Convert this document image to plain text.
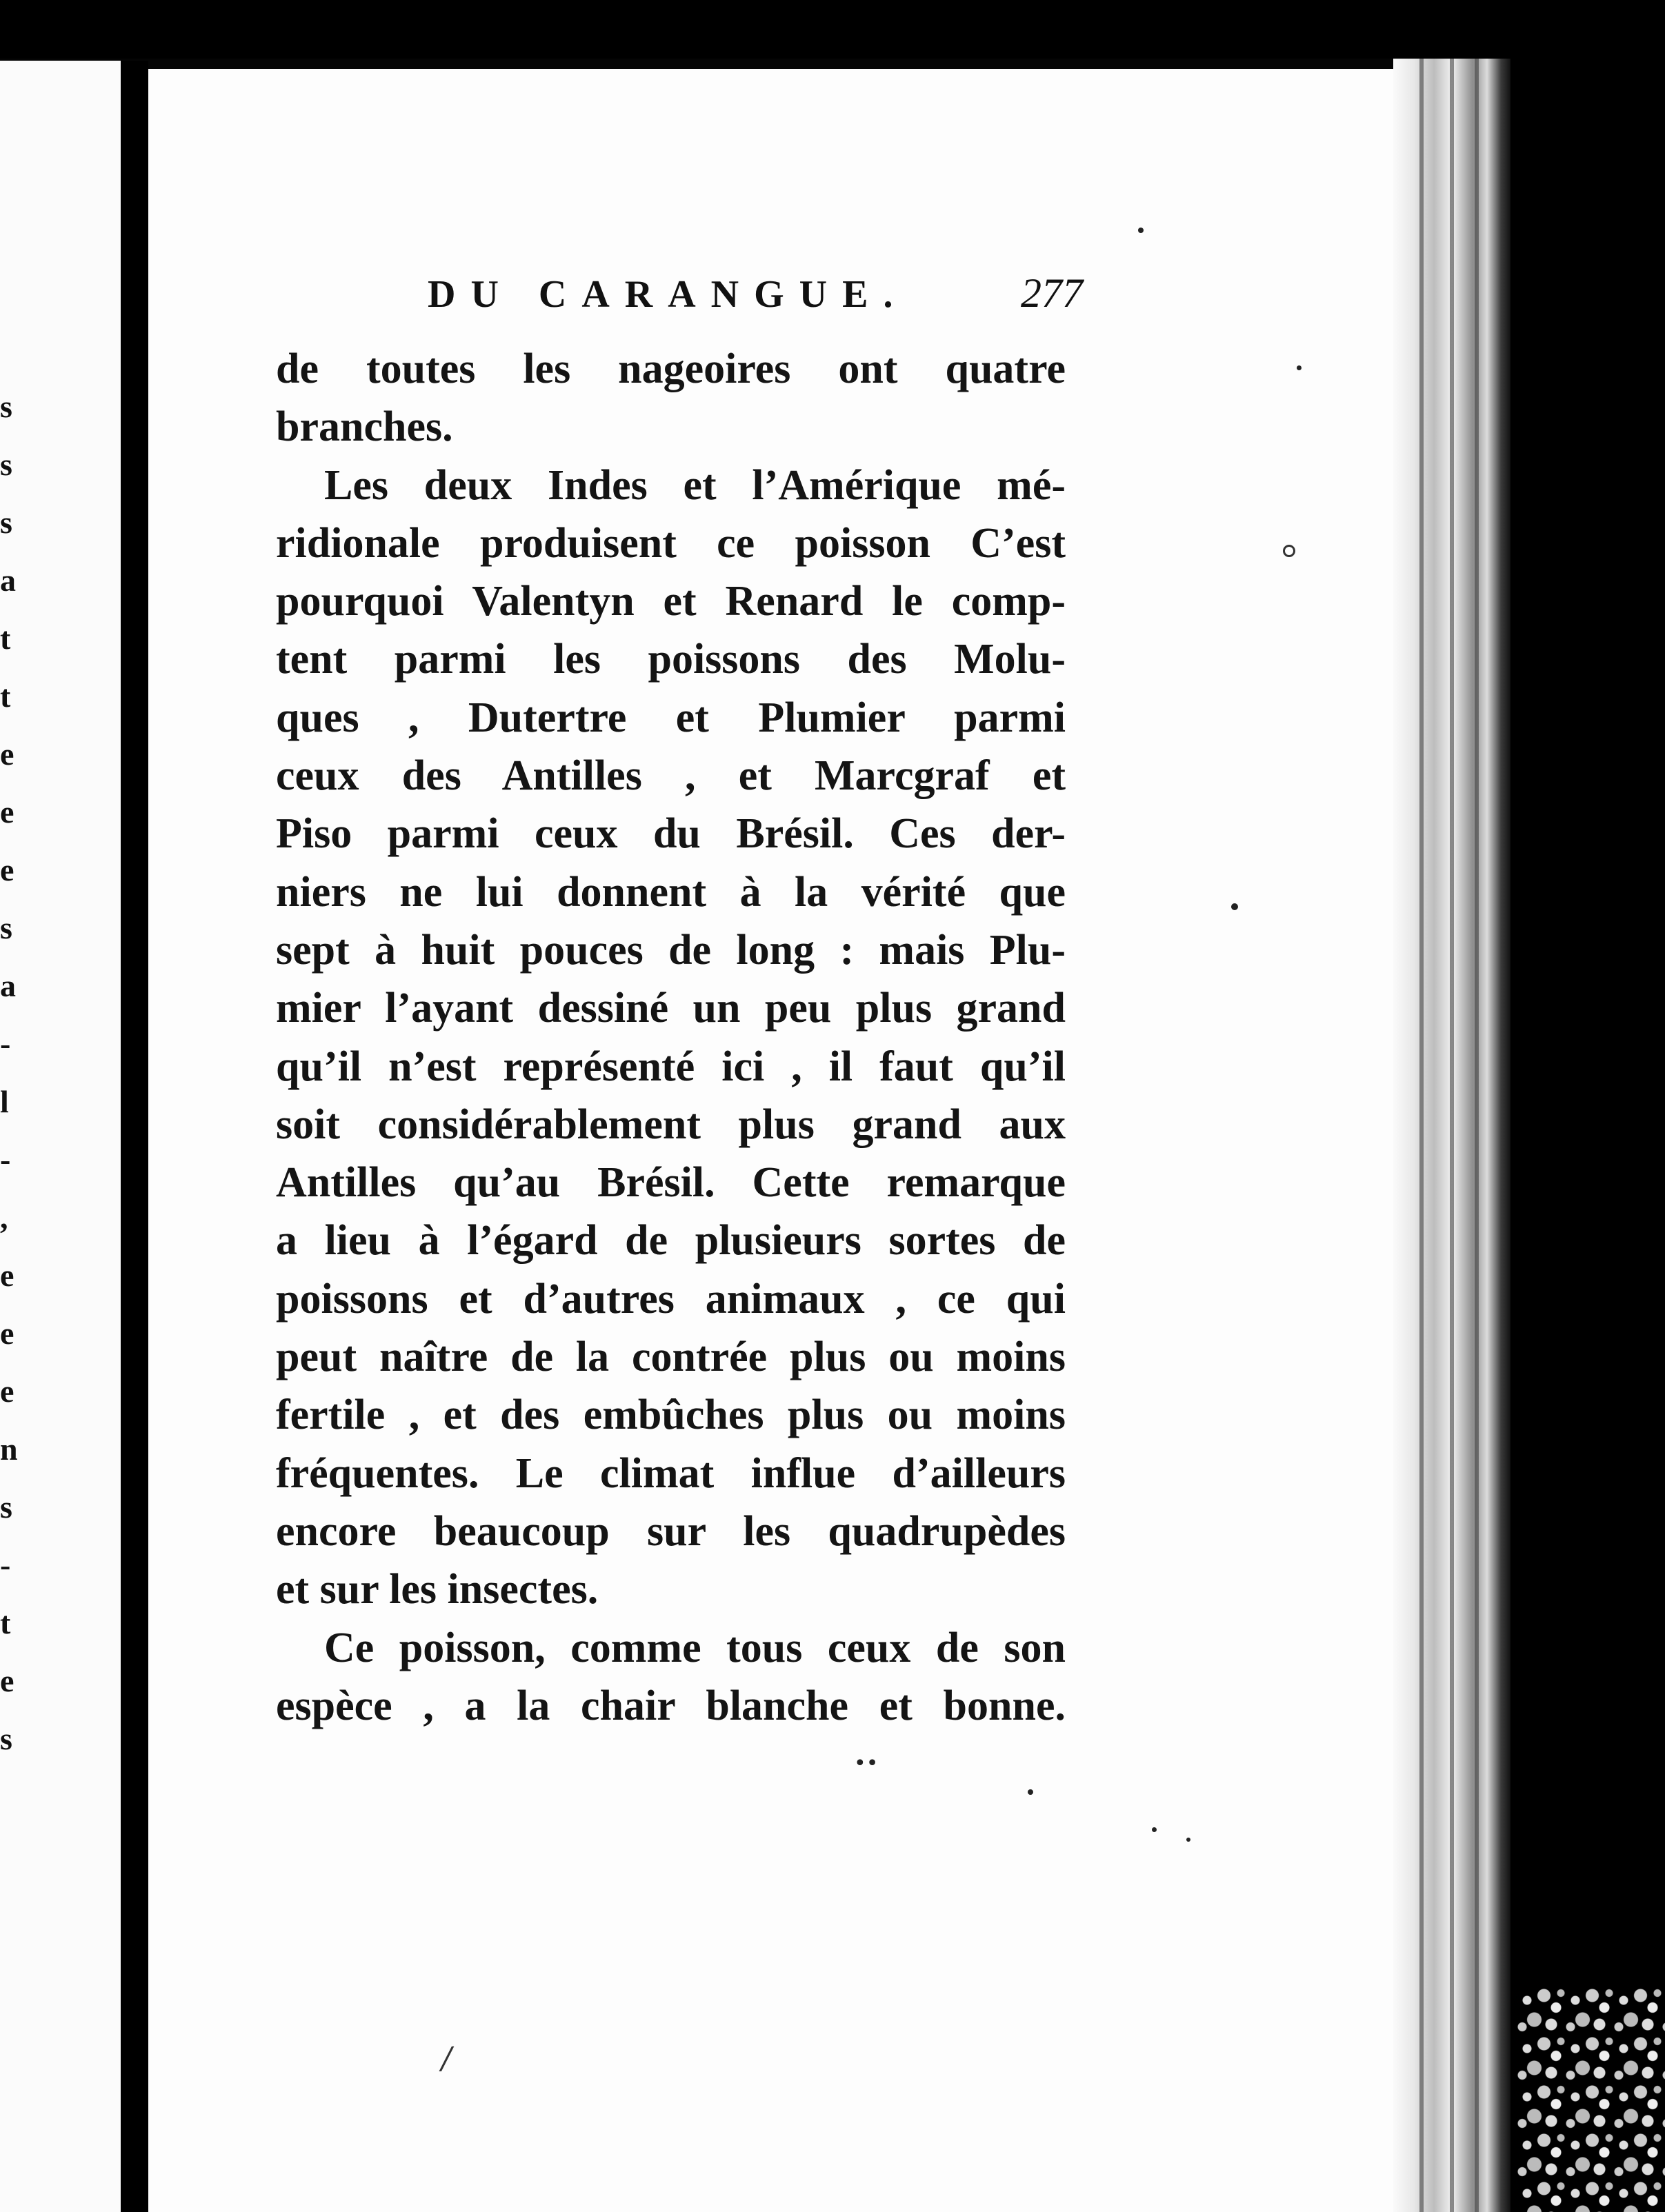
s
s
s
a
t
t
e
e
e
s
a
-
l
-
,
e
e
e
n
s
-
t
e
s
DU CARANGUE.	277
de toutes les nageoires ont quatre
branches.
Les deux Indes et l’Amérique mé-
ridionale produisent ce poisson C’est
pourquoi Valentyn et Renard le comp-
tent parmi les poissons des Molu-
ques , Dutertre et Plumier parmi
ceux des Antilles , et Marcgraf et
Piso parmi ceux du Brésil. Ces der-
niers ne lui donnent à la vérité que
sept à huit pouces de long : mais Plu-
mier l’ayant dessiné un peu plus grand
qu’il n’est représenté ici , il faut qu’il
soit considérablement plus grand aux
Antilles qu’au Brésil. Cette remarque
a lieu à l’égard de plusieurs sortes de
poissons et d’autres animaux , ce qui
peut naître de la contrée plus ou moins
fertile , et des embûches plus ou moins
fréquentes. Le climat influe d’ailleurs
encore beaucoup sur les quadrupèdes
et sur les insectes.
Ce poisson, comme tous ceux de son
espèce , a la chair blanche et bonne.
••
/
